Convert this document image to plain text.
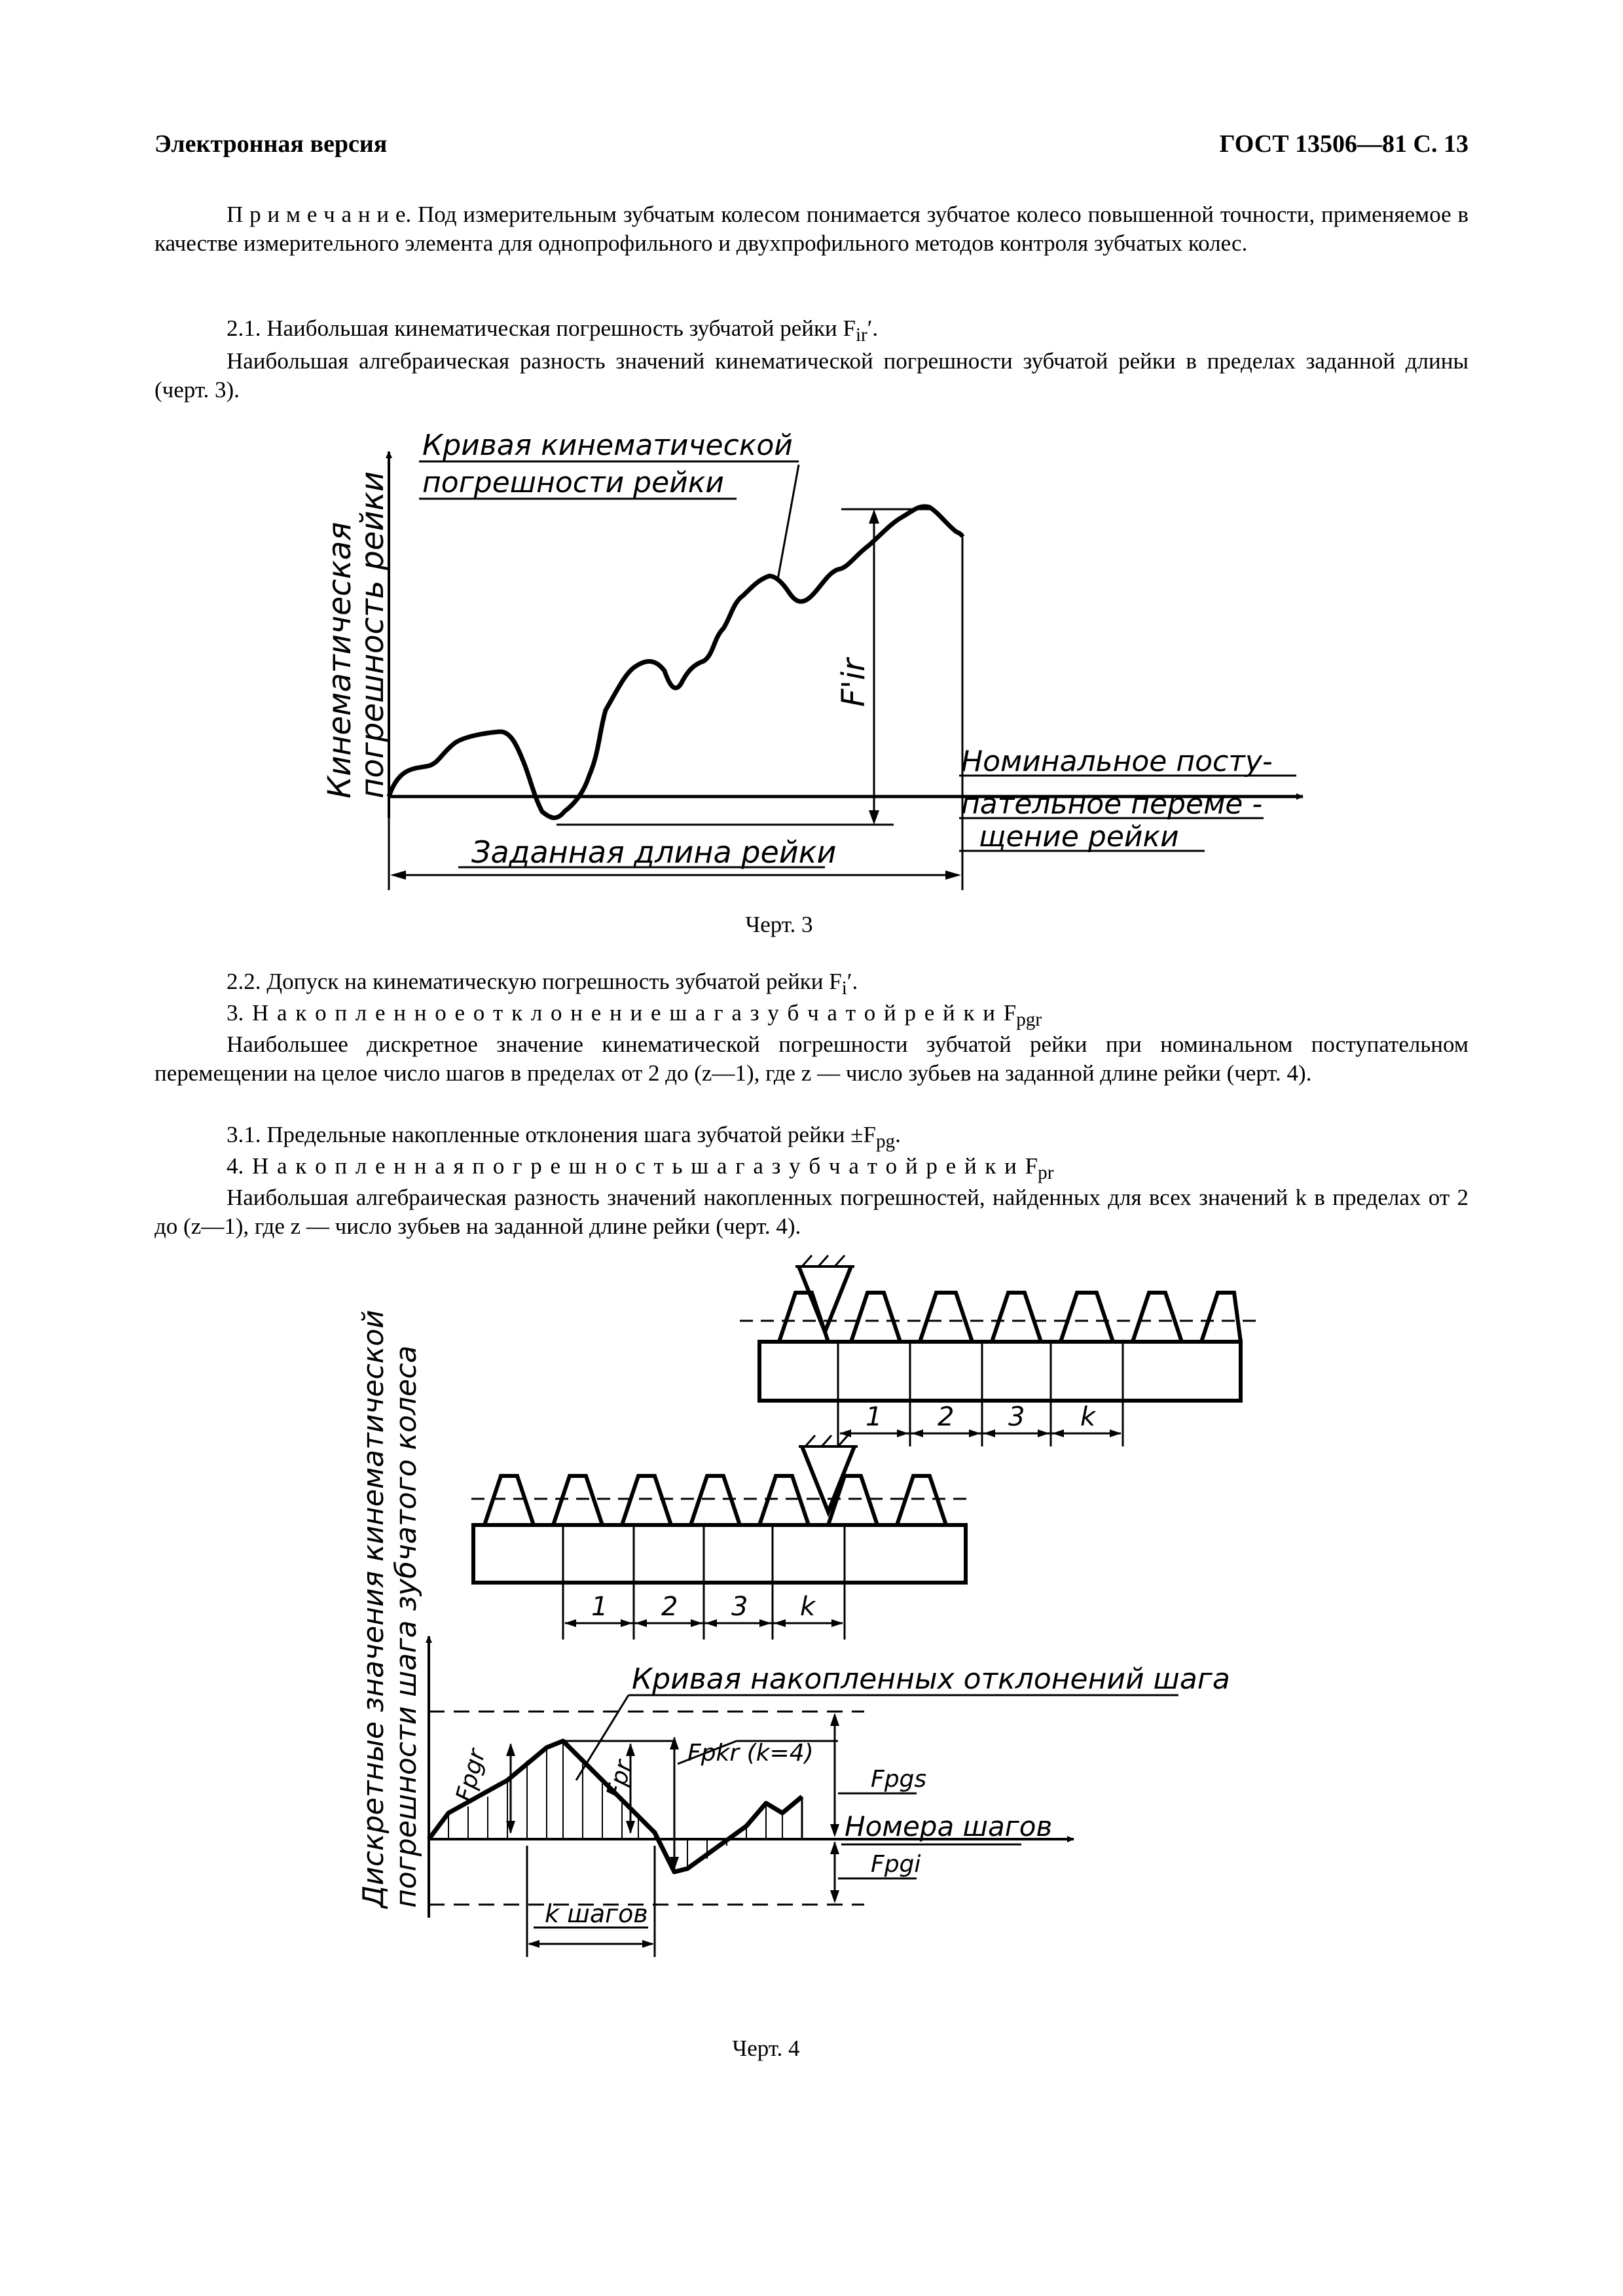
Электронная версия	ГОСТ 13506—81 С. 13
П р и м е ч а н и е. Под измерительным зубчатым колесом понимается зубчатое колесо повышенной точности, применяемое в качестве измерительного элемента для однопрофильного и двухпрофильного методов контроля зубчатых колес.
2.1. Наибольшая кинематическая погрешность зубчатой рейки $F_{ir}'$.
Наибольшая алгебраическая разность значений кинематической погрешности зубчатой рейки в пределах заданной длины (черт. 3).
Кривая кинематической
погрешности рейки
Кинематическая
погрешность рейки	F'ir
Номинальное посту-
пательное переме -
щение рейки
Заданная длина рейки
Черт. 3
2.2. Допуск на кинематическую погрешность зубчатой рейки $F_i'$.
3. Н а к о п л е н н о е о т к л о н е н и е ш а г а з у б ч а т о й р е й к и $F_{pgr}$
Наибольшее дискретное значение кинематической погрешности зубчатой рейки при номинальном поступательном перемещении на целое число шагов в пределах от 2 до (z—1), где z — число зубьев на заданной длине рейки (черт. 4).
3.1. Предельные накопленные отклонения шага зубчатой рейки $\pm F_{pg}$.
4. Н а к о п л е н н а я п о г р е ш н о с т ь ш а г а з у б ч а т о й р е й к и $F_{pr}$
Наибольшая алгебраическая разность значений накопленных погрешностей, найденных для всех значений k в пределах от 2 до (z—1), где z — число зубьев на заданной длине рейки (черт. 4).
1 2 3 k
1 2 3 k
Дискретные значения кинематической погрешности шага зубчатого колеса	Кривая накопленных отклонений шага
Fpkr (k=4)
Fpgr	Fpr	Fpgs
Fpgi
Номера шагов
k шагов
Черт. 4
